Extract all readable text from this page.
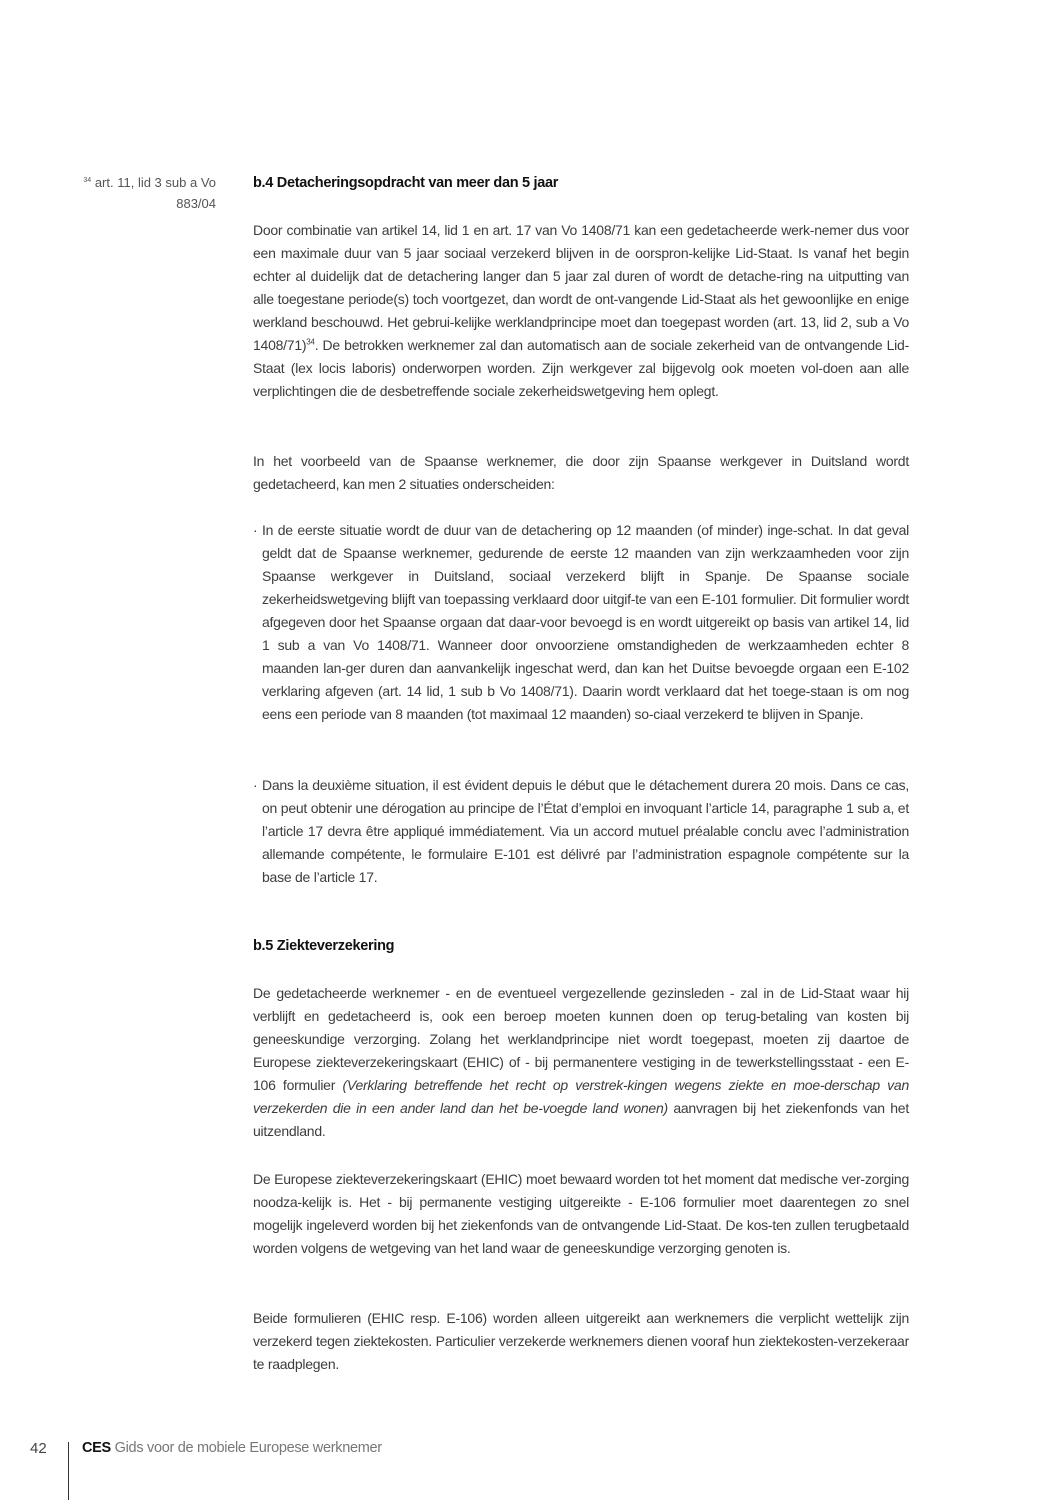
$^{34}$ art. 11, lid 3 sub a Vo
883/04
b.4 Detacheringsopdracht van meer dan 5 jaar

Door combinatie van artikel 14, lid 1 en art. 17 van Vo 1408/71 kan een gedetacheerde werk-nemer dus voor een maximale duur van 5 jaar sociaal verzekerd blijven in de oorspron-kelijke Lid-Staat. Is vanaf het begin echter al duidelijk dat de detachering langer dan 5 jaar zal duren of wordt de detache-ring na uitputting van alle toegestane periode(s) toch voortgezet, dan wordt de ont-vangende Lid-Staat als het gewoonlijke en enige werkland beschouwd. Het gebrui-kelijke werklandprincipe moet dan toegepast worden (art. 13, lid 2, sub a Vo 1408/71)$^{34}$. De betrokken werknemer zal dan automatisch aan de sociale zekerheid van de ontvangende Lid-Staat (lex locis laboris) onderworpen worden. Zijn werkgever zal bijgevolg ook moeten vol-doen aan alle verplichtingen die de desbetreffende sociale zekerheidswetgeving hem oplegt.

In het voorbeeld van de Spaanse werknemer, die door zijn Spaanse werkgever in Duitsland wordt gedetacheerd, kan men 2 situaties onderscheiden:

· In de eerste situatie wordt de duur van de detachering op 12 maanden (of minder) inge-schat. In dat geval geldt dat de Spaanse werknemer, gedurende de eerste 12 maanden van zijn werkzaamheden voor zijn Spaanse werkgever in Duitsland, sociaal verzekerd blijft in Spanje. De Spaanse sociale zekerheidswetgeving blijft van toepassing verklaard door uitgif-te van een E-101 formulier. Dit formulier wordt afgegeven door het Spaanse orgaan dat daar-voor bevoegd is en wordt uitgereikt op basis van artikel 14, lid 1 sub a van Vo 1408/71. Wanneer door onvoorziene omstandigheden de werkzaamheden echter 8 maanden lan-ger duren dan aanvankelijk ingeschat werd, dan kan het Duitse bevoegde orgaan een E-102 verklaring afgeven (art. 14 lid, 1 sub b Vo 1408/71). Daarin wordt verklaard dat het toege-staan is om nog eens een periode van 8 maanden (tot maximaal 12 maanden) so-ciaal verzekerd te blijven in Spanje.
· Dans la deuxième situation, il est évident depuis le début que le détachement durera 20 mois. Dans ce cas, on peut obtenir une dérogation au principe de l’État d’emploi en invoquant l’article 14, paragraphe 1 sub a, et l’article 17 devra être appliqué immédiatement. Via un accord mutuel préalable conclu avec l’administration allemande compétente, le formulaire E-101 est délivré par l’administration espagnole compétente sur la base de l’article 17.
b.5 Ziekteverzekering

De gedetacheerde werknemer - en de eventueel vergezellende gezinsleden - zal in de Lid-Staat waar hij verblijft en gedetacheerd is, ook een beroep moeten kunnen doen op terug-betaling van kosten bij geneeskundige verzorging. Zolang het werklandprincipe niet wordt toegepast, moeten zij daartoe de Europese ziekteverzekeringskaart (EHIC) of - bij permanentere vestiging in de tewerkstellingsstaat - een E-106 formulier (Verklaring betreffende het recht op verstrek-kingen wegens ziekte en moe-derschap van verzekerden die in een ander land dan het be-voegde land wonen) aanvragen bij het ziekenfonds van het uitzendland.

De Europese ziekteverzekeringskaart (EHIC) moet bewaard worden tot het moment dat medische ver-zorging noodza-kelijk is. Het - bij permanente vestiging uitgereikte - E-106 formulier moet daarentegen zo snel mogelijk ingeleverd worden bij het ziekenfonds van de ontvangende Lid-Staat. De kos-ten zullen terugbetaald worden volgens de wetgeving van het land waar de geneeskundige verzorging genoten is.

Beide formulieren (EHIC resp. E-106) worden alleen uitgereikt aan werknemers die verplicht wettelijk zijn verzekerd tegen ziektekosten. Particulier verzekerde werknemers dienen vooraf hun ziektekosten-verzekeraar te raadplegen.

42 CES Gids voor de mobiele Europese werknemer
